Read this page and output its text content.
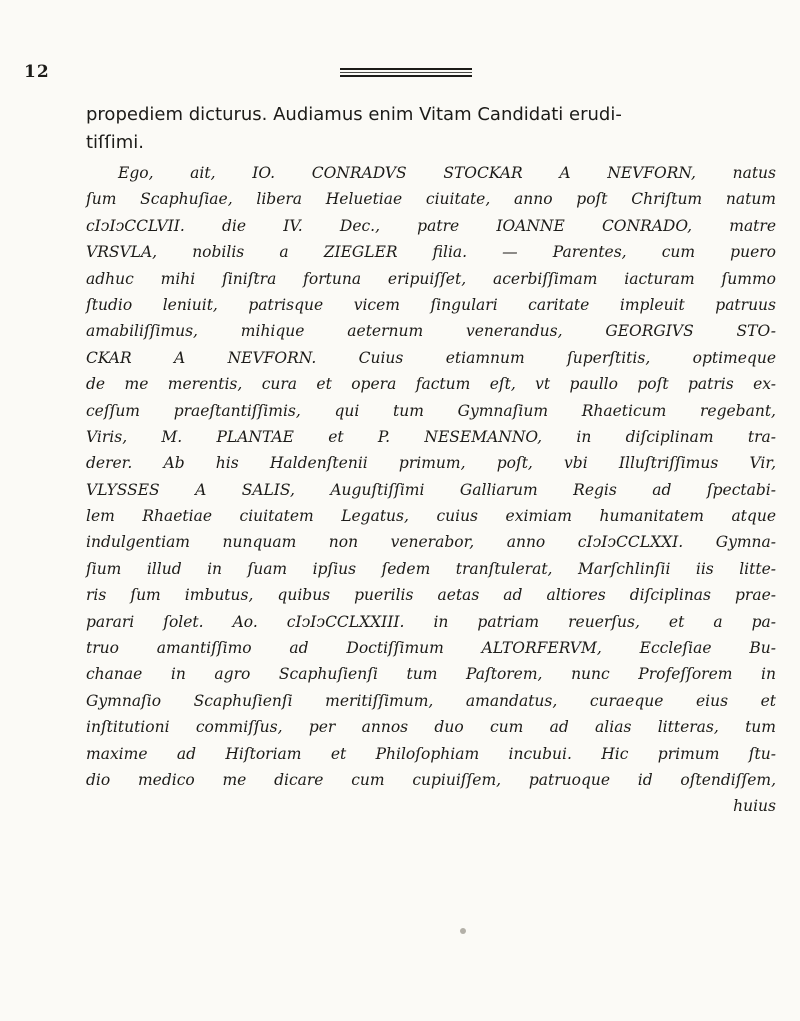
12
propediem dicturus. Audiamus enim Vitam Candidati erudi-
tiſſimi.
Ego, ait, IO. CONRADVS STOCKAR A NEVFORN, natus
ſum Scaphuſiae, libera Heluetiae ciuitate, anno poſt Chriſtum natum
cIↄIↄCCLVII. die IV. Dec., patre IOANNE CONRADO, matre
VRSVLA, nobilis a ZIEGLER filia. — Parentes, cum puero
adhuc mihi ſiniſtra fortuna eripuiſſet, acerbiſſimam iacturam ſummo
ſtudio leniuit, patrisque vicem ſingulari caritate impleuit patruus
amabiliſſimus, mihique aeternum venerandus, GEORGIVS STO-
CKAR A NEVFORN. Cuius etiamnum ſuperſtitis, optimeque
de me merentis, cura et opera factum eſt, vt paullo poſt patris ex-
ceſſum praeſtantiſſimis, qui tum Gymnaſium Rhaeticum regebant,
Viris, M. PLANTAE et P. NESEMANNO, in diſciplinam tra-
derer. Ab his Haldenſtenii primum, poſt, vbi Illuſtriſſimus Vir,
VLYSSES A SALIS, Auguſtiſſimi Galliarum Regis ad ſpectabi-
lem Rhaetiae ciuitatem Legatus, cuius eximiam humanitatem atque
indulgentiam nunquam non venerabor, anno cIↄIↄCCLXXI. Gymna-
ſium illud in ſuam ipſius ſedem tranſtulerat, Marſchlinſii iis litte-
ris ſum imbutus, quibus puerilis aetas ad altiores diſciplinas prae-
parari ſolet. Ao. cIↄIↄCCLXXIII. in patriam reuerſus, et a pa-
truo amantiſſimo ad Doctiſſimum ALTORFERVM, Eccleſiae Bu-
chanae in agro Scaphuſienſi tum Paſtorem, nunc Profeſſorem in
Gymnaſio Scaphuſienſi meritiſſimum, amandatus, curaeque eius et
inſtitutioni commiſſus, per annos duo cum ad alias litteras, tum
maxime ad Hiſtoriam et Philoſophiam incubui. Hic primum ſtu-
dio medico me dicare cum cupiuiſſem, patruoque id oſtendiſſem,
huius
